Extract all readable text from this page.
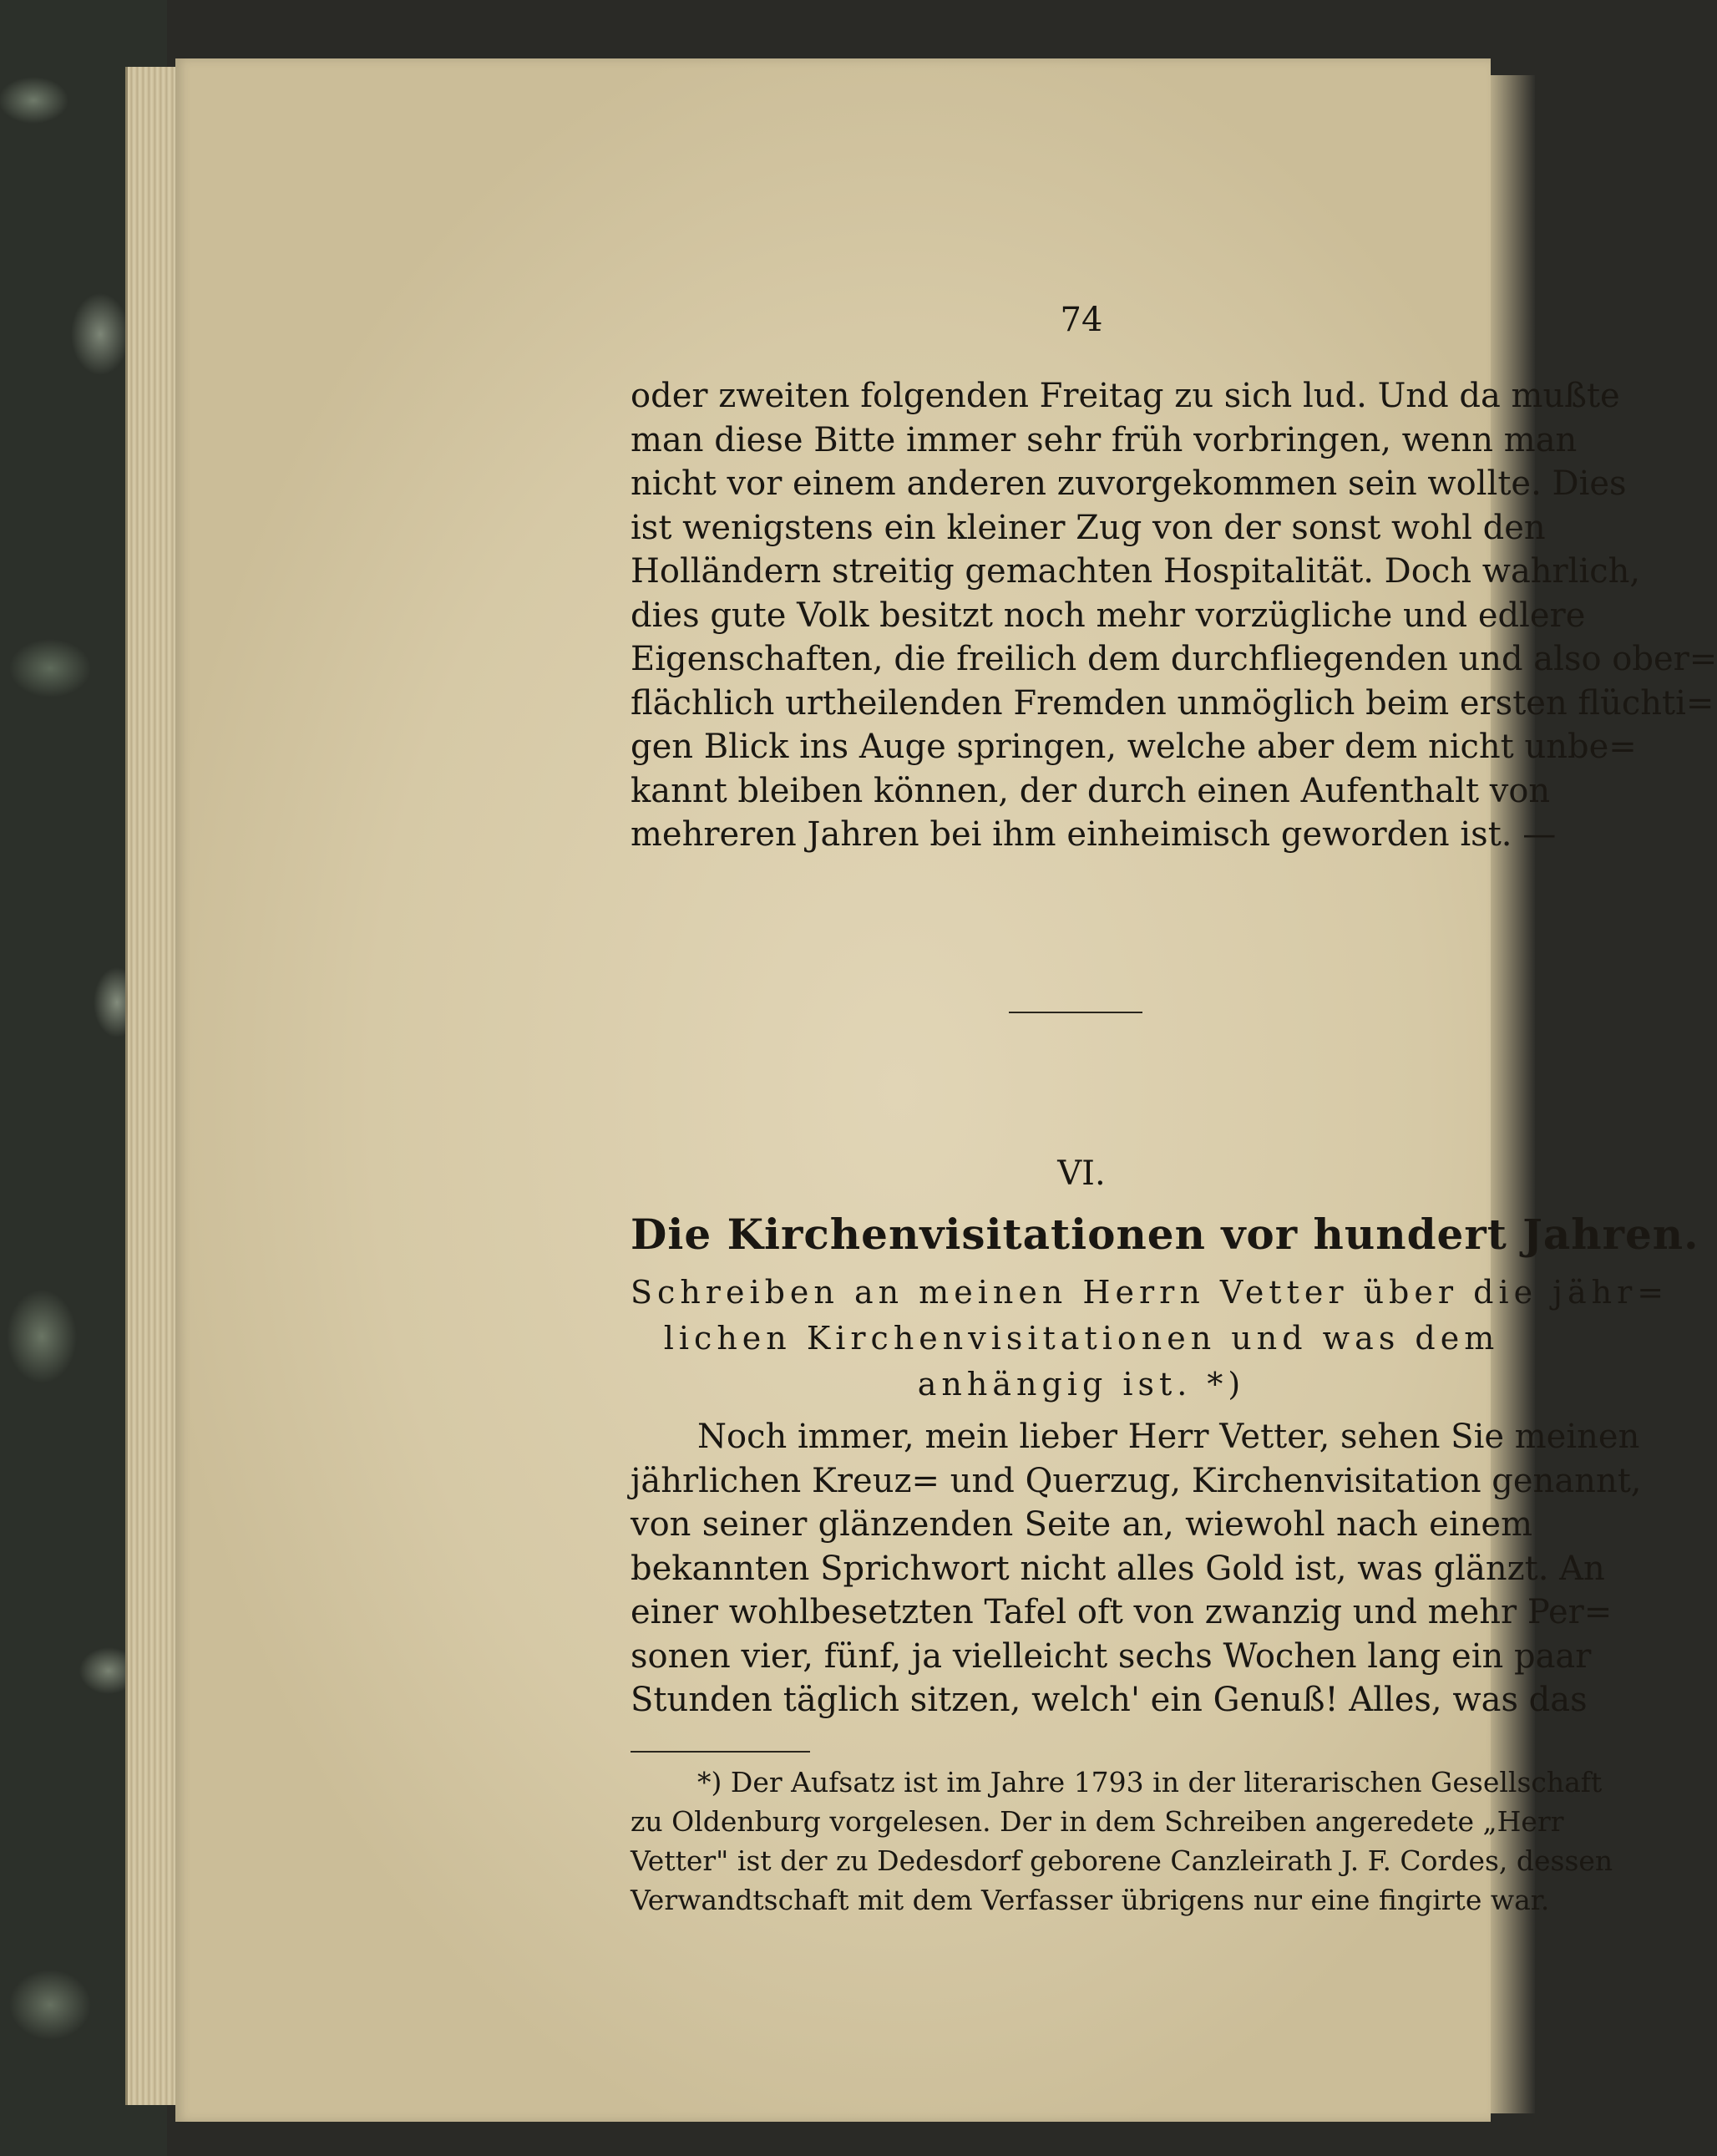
74
oder zweiten folgenden Freitag zu sich lud. Und da mußte
man diese Bitte immer sehr früh vorbringen, wenn man
nicht vor einem anderen zuvorgekommen sein wollte. Dies
ist wenigstens ein kleiner Zug von der sonst wohl den
Holländern streitig gemachten Hospitalität. Doch wahrlich,
dies gute Volk besitzt noch mehr vorzügliche und edlere
Eigenschaften, die freilich dem durchfliegenden und also ober=
flächlich urtheilenden Fremden unmöglich beim ersten flüchti=
gen Blick ins Auge springen, welche aber dem nicht unbe=
kannt bleiben können, der durch einen Aufenthalt von
mehreren Jahren bei ihm einheimisch geworden ist. —
VI.
Die Kirchenvisitationen vor hundert Jahren.
Schreiben an meinen Herrn Vetter über die jähr=
lichen Kirchenvisitationen und was dem
anhängig ist. *)
Noch immer, mein lieber Herr Vetter, sehen Sie meinen
jährlichen Kreuz= und Querzug, Kirchenvisitation genannt,
von seiner glänzenden Seite an, wiewohl nach einem
bekannten Sprichwort nicht alles Gold ist, was glänzt. An
einer wohlbesetzten Tafel oft von zwanzig und mehr Per=
sonen vier, fünf, ja vielleicht sechs Wochen lang ein paar
Stunden täglich sitzen, welch' ein Genuß! Alles, was das
*) Der Aufsatz ist im Jahre 1793 in der literarischen Gesellschaft
zu Oldenburg vorgelesen. Der in dem Schreiben angeredete „Herr
Vetter" ist der zu Dedesdorf geborene Canzleirath J. F. Cordes, dessen
Verwandtschaft mit dem Verfasser übrigens nur eine fingirte war.
